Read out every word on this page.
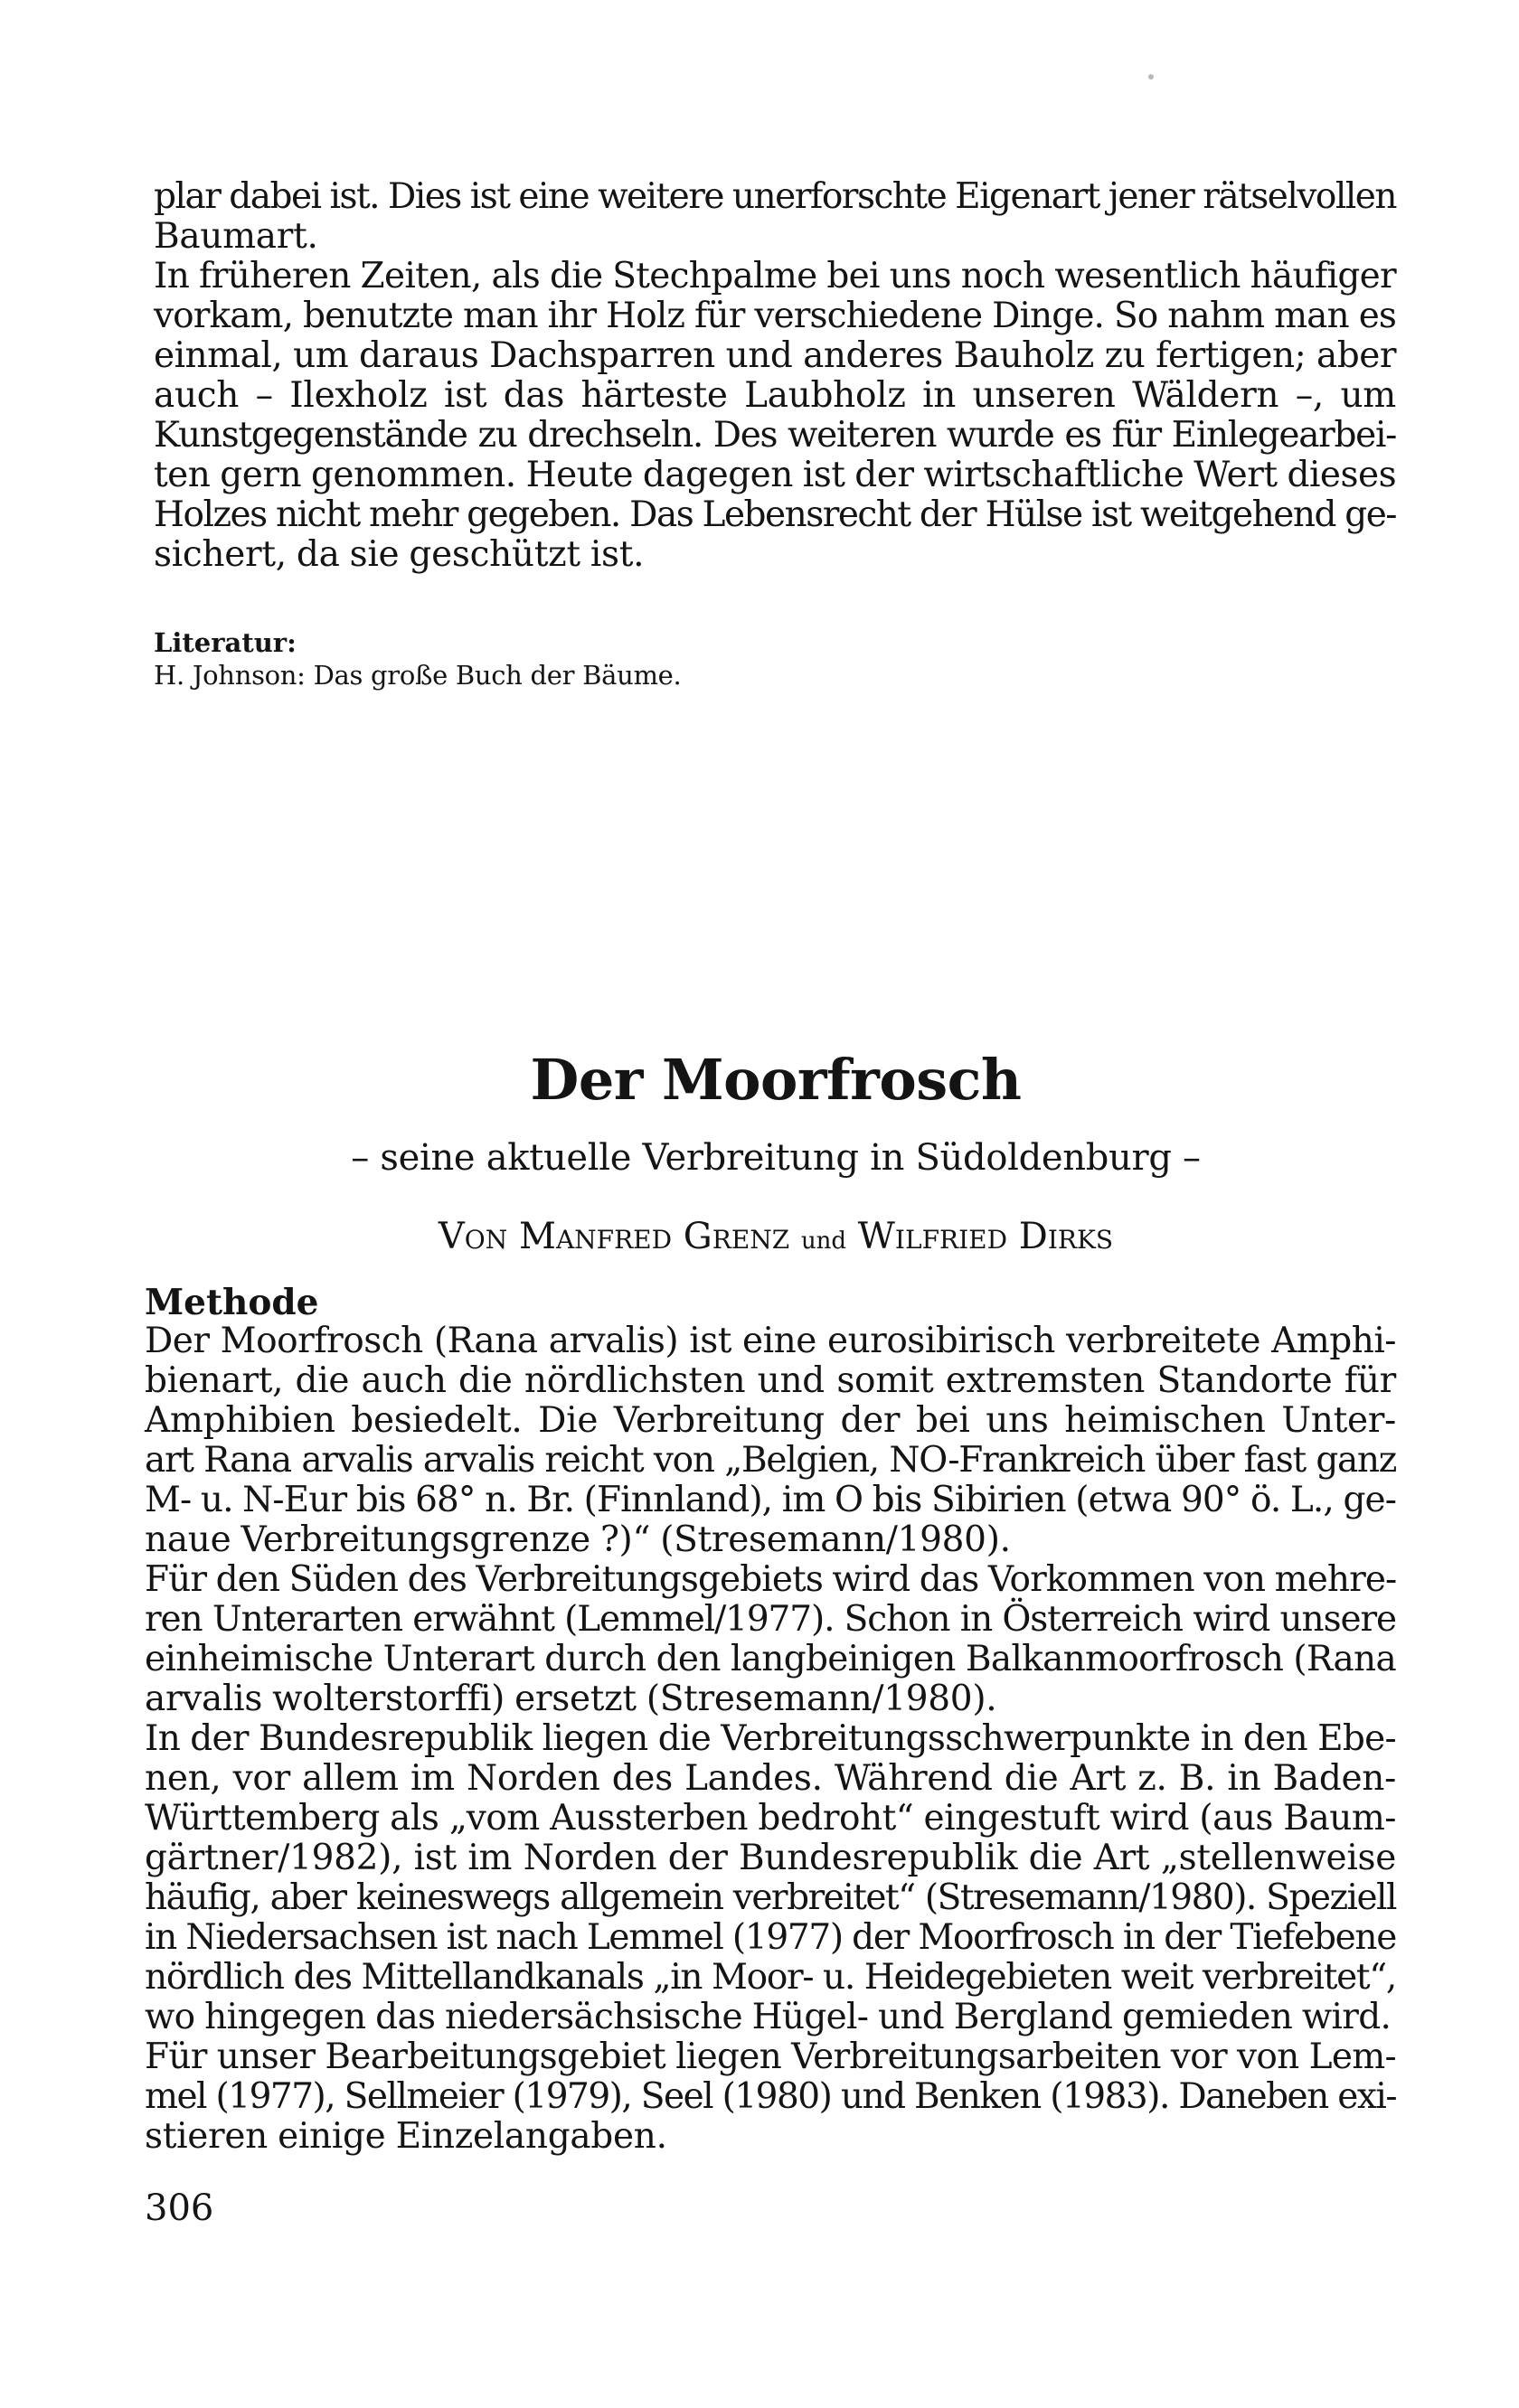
plar dabei ist. Dies ist eine weitere unerforschte Eigenart jener rätselvollen
Baumart.
In früheren Zeiten, als die Stechpalme bei uns noch wesentlich häufiger
vorkam, benutzte man ihr Holz für verschiedene Dinge. So nahm man es
einmal, um daraus Dachsparren und anderes Bauholz zu fertigen; aber
auch – Ilexholz ist das härteste Laubholz in unseren Wäldern –, um
Kunstgegenstände zu drechseln. Des weiteren wurde es für Einlegearbei-
ten gern genommen. Heute dagegen ist der wirtschaftliche Wert dieses
Holzes nicht mehr gegeben. Das Lebensrecht der Hülse ist weitgehend ge-
sichert, da sie geschützt ist.
Literatur:
H. Johnson: Das große Buch der Bäume.
Der Moorfrosch
– seine aktuelle Verbreitung in Südoldenburg –
VON MANFRED GRENZ und WILFRIED DIRKS
Methode
Der Moorfrosch (Rana arvalis) ist eine eurosibirisch verbreitete Amphi-
bienart, die auch die nördlichsten und somit extremsten Standorte für
Amphibien besiedelt. Die Verbreitung der bei uns heimischen Unter-
art Rana arvalis arvalis reicht von „Belgien, NO-Frankreich über fast ganz
M- u. N-Eur bis 68° n. Br. (Finnland), im O bis Sibirien (etwa 90° ö. L., ge-
naue Verbreitungsgrenze ?)“ (Stresemann/1980).
Für den Süden des Verbreitungsgebiets wird das Vorkommen von mehre-
ren Unterarten erwähnt (Lemmel/1977). Schon in Österreich wird unsere
einheimische Unterart durch den langbeinigen Balkanmoorfrosch (Rana
arvalis wolterstorffi) ersetzt (Stresemann/1980).
In der Bundesrepublik liegen die Verbreitungsschwerpunkte in den Ebe-
nen, vor allem im Norden des Landes. Während die Art z. B. in Baden-
Württemberg als „vom Aussterben bedroht“ eingestuft wird (aus Baum-
gärtner/1982), ist im Norden der Bundesrepublik die Art „stellenweise
häufig, aber keineswegs allgemein verbreitet“ (Stresemann/1980). Speziell
in Niedersachsen ist nach Lemmel (1977) der Moorfrosch in der Tiefebene
nördlich des Mittellandkanals „in Moor- u. Heidegebieten weit verbreitet“,
wo hingegen das niedersächsische Hügel- und Bergland gemieden wird.
Für unser Bearbeitungsgebiet liegen Verbreitungsarbeiten vor von Lem-
mel (1977), Sellmeier (1979), Seel (1980) und Benken (1983). Daneben exi-
stieren einige Einzelangaben.
306
